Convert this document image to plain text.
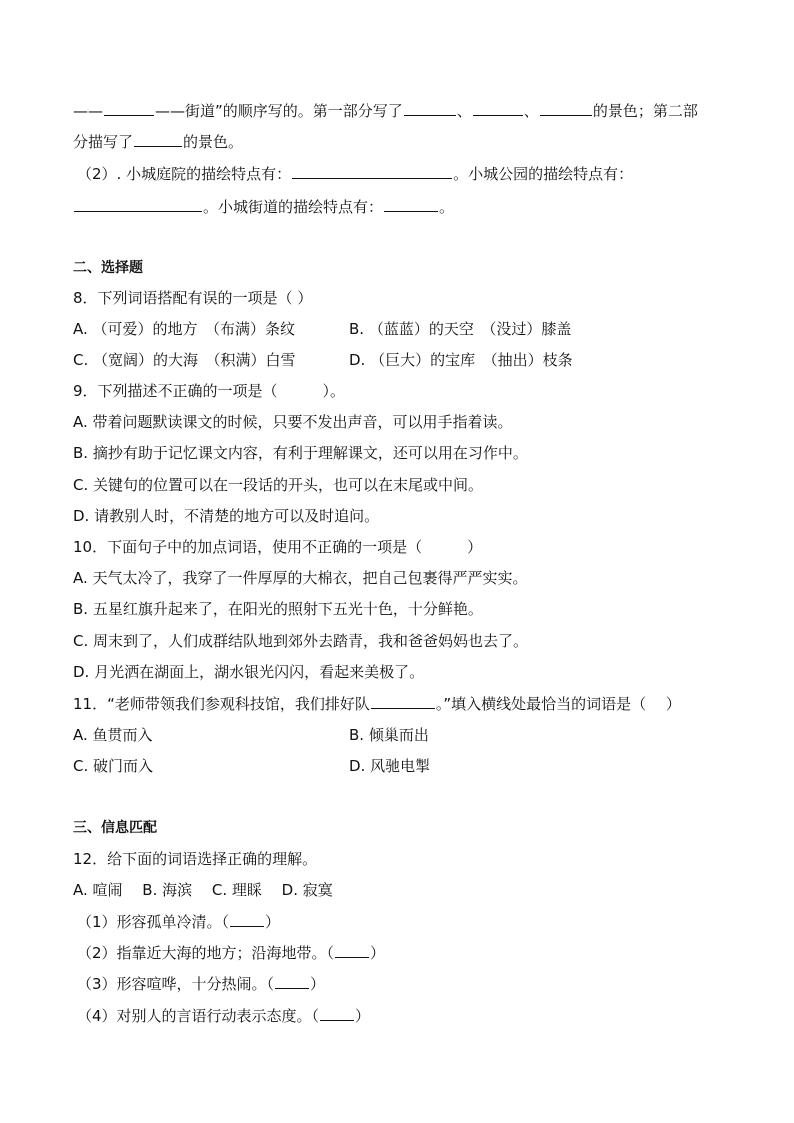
——	——街道”的顺序写的。第一部分写了	、	、	的景色；第二部
分描写了	的景色。
（2）. 小城庭院的描绘特点有：	。小城公园的描绘特点有：
。小城街道的描绘特点有：	。
二、选择题
8．下列词语搭配有误的一项是（ ）
A. （可爱）的地方　（布满）条纹	B. （蓝蓝）的天空　（没过）膝盖
C. （宽阔）的大海　（积满）白雪	D. （巨大）的宝库　（抽出）枝条
9．下列描述不正确的一项是（　　　）。
A. 带着问题默读课文的时候，只要不发出声音，可以用手指着读。
B. 摘抄有助于记忆课文内容，有利于理解课文，还可以用在习作中。
C. 关键句的位置可以在一段话的开头，也可以在末尾或中间。
D. 请教别人时，不清楚的地方可以及时追问。
10．下面句子中的加点词语，使用不正确的一项是（　　　）
A. 天气太冷了，我穿了一件厚厚的大棉衣，把自己包裹得严严实实。
B. 五星红旗升起来了，在阳光的照射下五光十色，十分鲜艳。
C. 周末到了，人们成群结队地到郊外去踏青，我和爸爸妈妈也去了。
D. 月光洒在湖面上，湖水银光闪闪，看起来美极了。
11．“老师带领我们参观科技馆，我们排好队	。”填入横线处最恰当的词语是（　 ）
A. 鱼贯而入	B. 倾巢而出
C. 破门而入	D. 风驰电掣
三、信息匹配
12．给下面的词语选择正确的理解。
A. 喧闹　 B. 海滨　 C. 理睬　 D. 寂寞
（1）形容孤单冷清。（ ）
（2）指靠近大海的地方；沿海地带。（ ）
（3）形容喧哗，十分热闹。（ ）
（4）对别人的言语行动表示态度。（ ）
